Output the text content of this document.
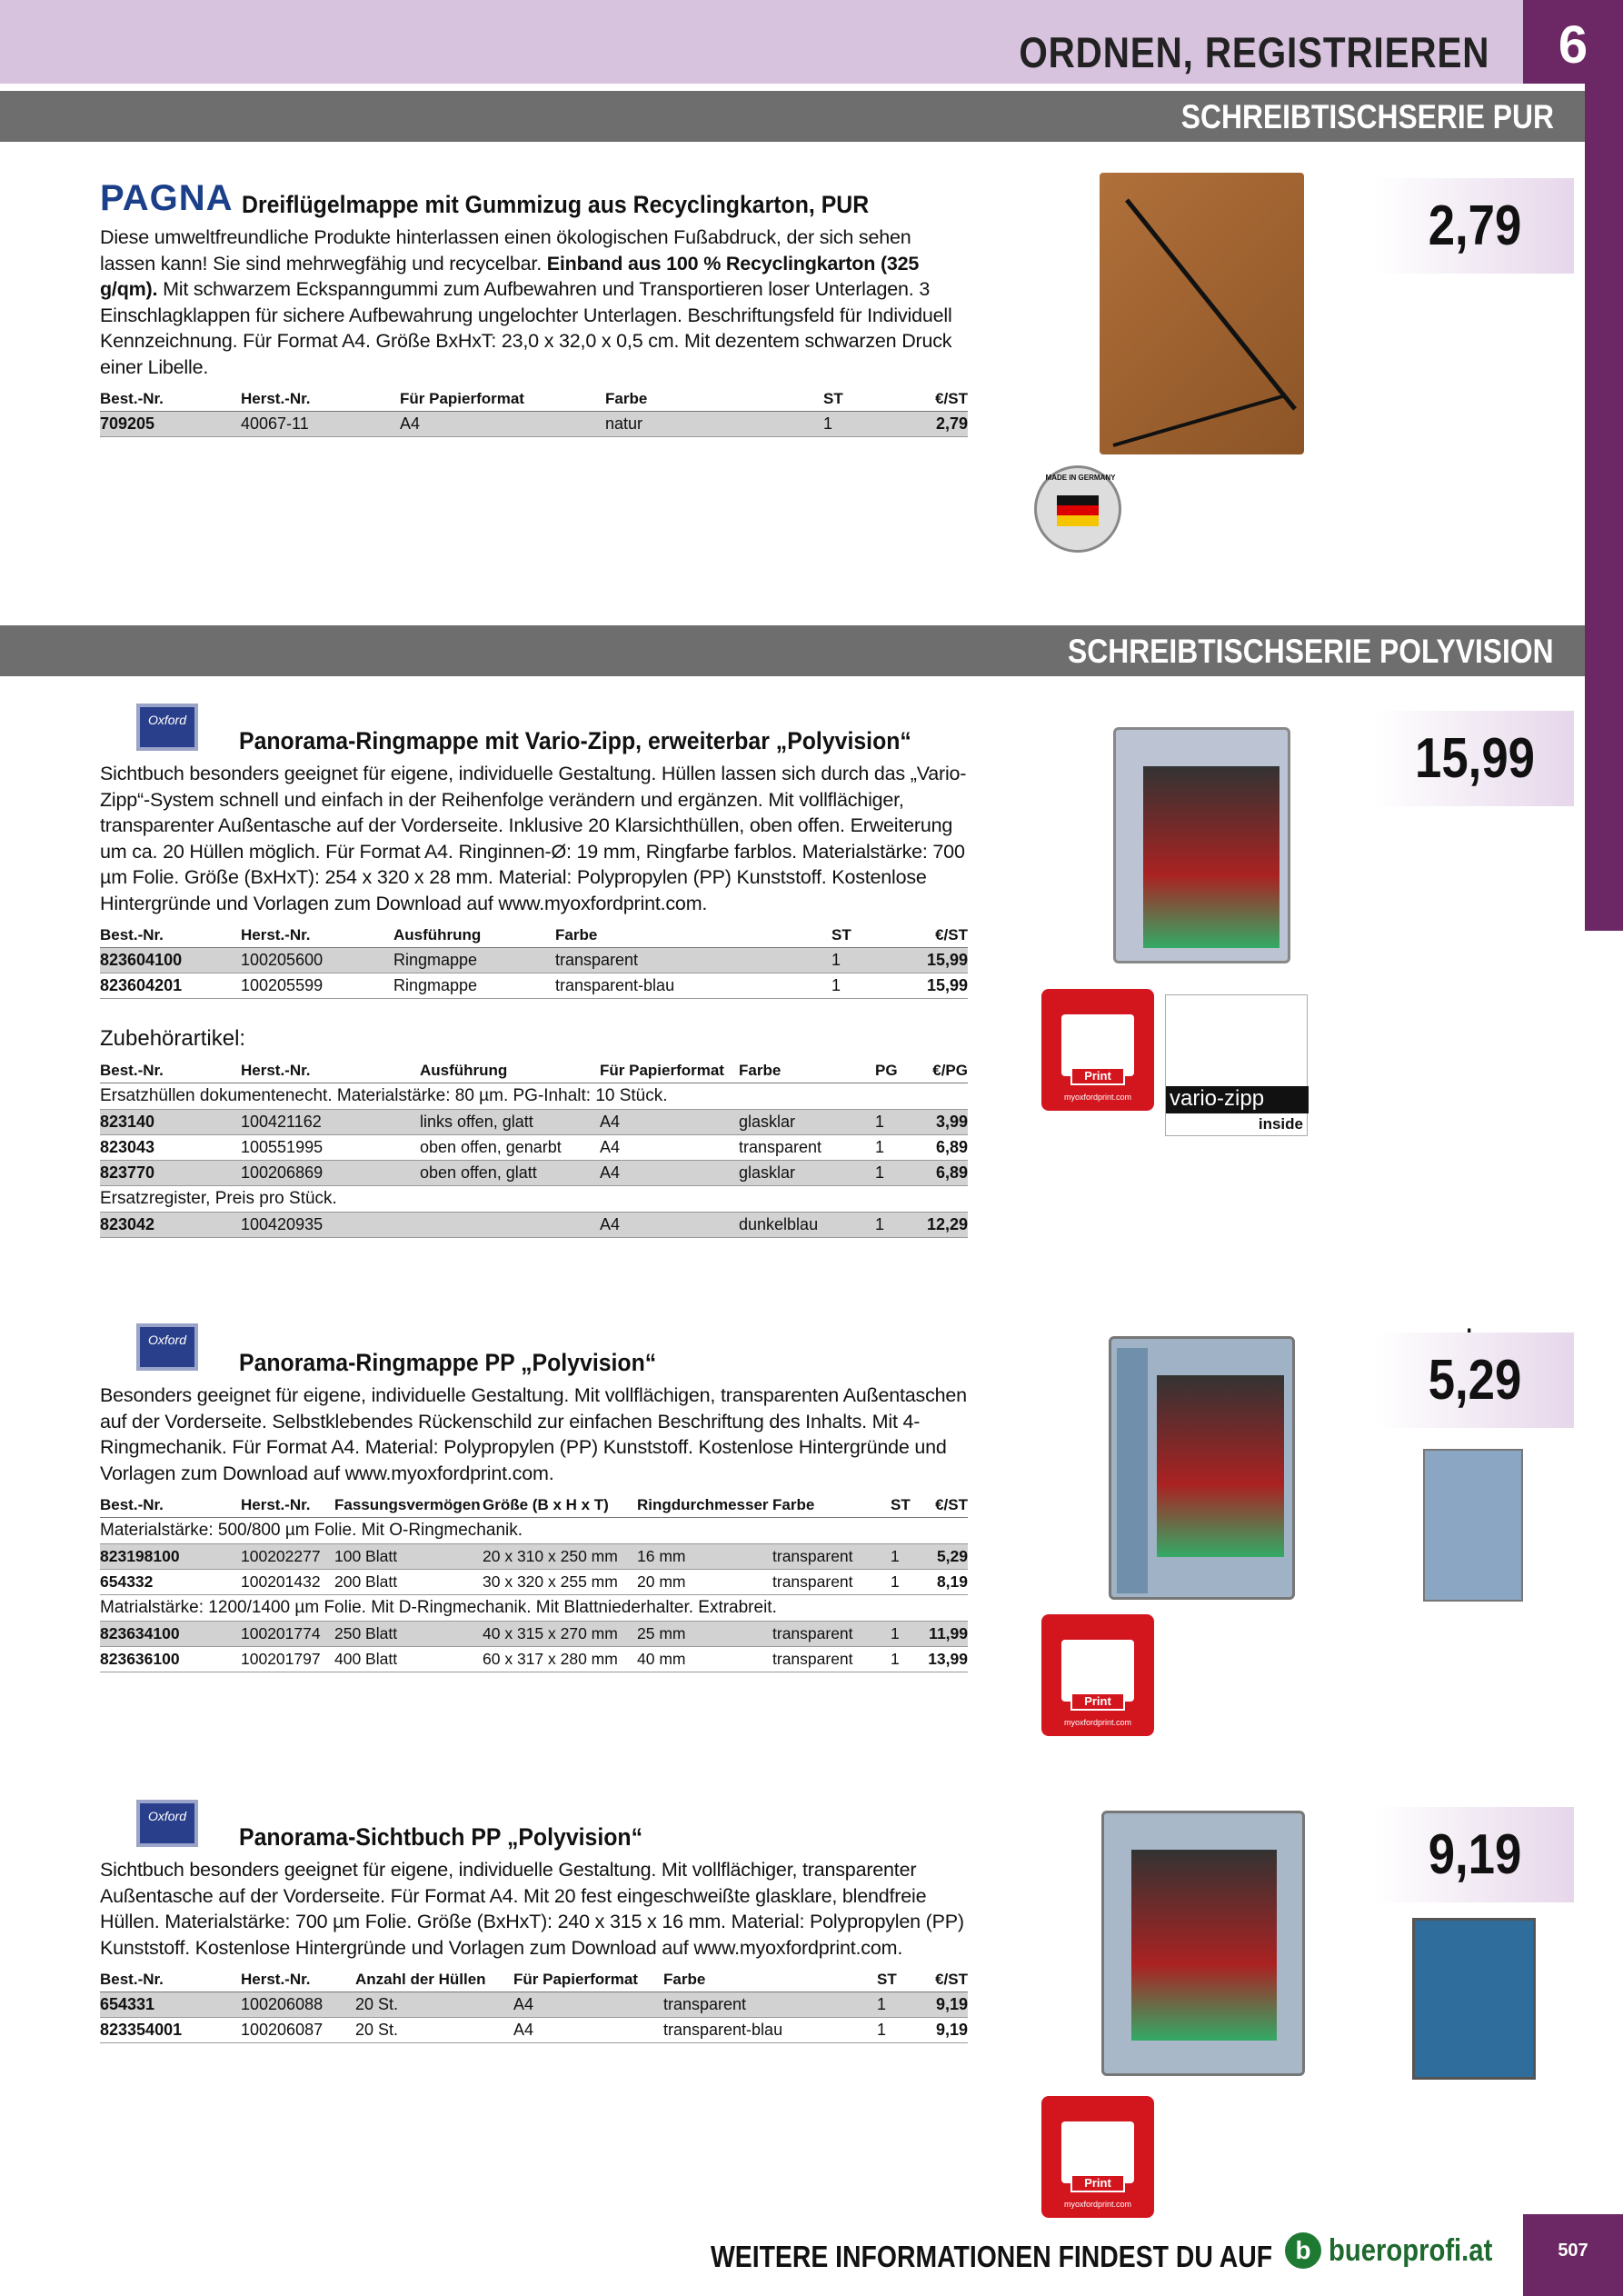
ORDNEN, REGISTRIEREN	6
SCHREIBTISCHSERIE PUR
SCHREIBTISCHSERIE POLYVISION
PAGNA Dreiflügelmappe mit Gummizug aus Recyclingkarton, PUR
Diese umweltfreundliche Produkte hinterlassen einen ökologischen Fußabdruck, der sich sehen lassen kann! Sie sind mehrwegfähig und recycelbar. Einband aus 100 % Recyclingkarton (325 g/qm). Mit schwarzem Eckspanngummi zum Aufbewahren und Transportieren loser Unterlagen. 3 Einschlagklappen für sichere Aufbewahrung ungelochter Unterlagen. Beschriftungsfeld für Individuell Kennzeichnung. Für Format A4. Größe BxHxT: 23,0 x 32,0 x 0,5 cm. Mit dezentem schwarzen Druck einer Libelle.
Best.-Nr.	Herst.-Nr.	Für Papierformat	Farbe	ST	€/ST
709205	40067-11	A4	natur	1	2,79
MADE IN GERMANY
2,79
Oxford
Panorama-Ringmappe mit Vario-Zipp, erweiterbar „Polyvision“
Sichtbuch besonders geeignet für eigene, individuelle Gestaltung. Hüllen lassen sich durch das „Vario-Zipp“-System schnell und einfach in der Reihenfolge verändern und ergänzen. Mit vollflächiger, transparenter Außentasche auf der Vorderseite. Inklusive 20 Klarsichthüllen, oben offen. Erweiterung um ca. 20 Hüllen möglich. Für Format A4. Ringinnen-Ø: 19 mm, Ringfarbe farblos. Materialstärke: 700 µm Folie. Größe (BxHxT): 254 x 320 x 28 mm. Material: Polypropylen (PP) Kunststoff. Kostenlose Hintergründe und Vorlagen zum Download auf www.myoxfordprint.com.
Best.-Nr.	Herst.-Nr.	Ausführung	Farbe	ST	€/ST
823604100	100205600	Ringmappe	transparent	1	15,99
823604201	100205599	Ringmappe	transparent-blau	1	15,99
Zubehörartikel:
Best.-Nr.	Herst.-Nr.	Ausführung	Für Papierformat	Farbe	PG	€/PG
Ersatzhüllen dokumentenecht. Materialstärke: 80 µm. PG-Inhalt: 10 Stück.						
823140	100421162	links offen, glatt	A4	glasklar	1	3,99
823043	100551995	oben offen, genarbt	A4	transparent	1	6,89
823770	100206869	oben offen, glatt	A4	glasklar	1	6,89
Ersatzregister, Preis pro Stück.						
823042	100420935		A4	dunkelblau	1	12,29
Print
myoxfordprint.com	vario-zipp
inside
15,99
Oxford
Panorama-Ringmappe PP „Polyvision“
Besonders geeignet für eigene, individuelle Gestaltung. Mit vollflächigen, transparenten Außentaschen auf der Vorderseite. Selbstklebendes Rückenschild zur einfachen Beschriftung des Inhalts. Mit 4-Ringmechanik. Für Format A4. Material: Polypropylen (PP) Kunststoff. Kostenlose Hintergründe und Vorlagen zum Download auf www.myoxfordprint.com.
Best.-Nr.	Herst.-Nr.	Fassungsvermögen	Größe (B x H x T)	Ringdurchmesser	Farbe	ST	€/ST
Materialstärke: 500/800 µm Folie. Mit O-Ringmechanik.							
823198100	100202277	100 Blatt	20 x 310 x 250 mm	16 mm	transparent	1	5,29
654332	100201432	200 Blatt	30 x 320 x 255 mm	20 mm	transparent	1	8,19
Matrialstärke: 1200/1400 µm Folie. Mit D-Ringmechanik. Mit Blattniederhalter. Extrabreit.							
823634100	100201774	250 Blatt	40 x 315 x 270 mm	25 mm	transparent	1	11,99
823636100	100201797	400 Blatt	60 x 317 x 280 mm	40 mm	transparent	1	13,99
Print
myoxfordprint.com
5,29
Oxford
Panorama-Sichtbuch PP „Polyvision“
Sichtbuch besonders geeignet für eigene, individuelle Gestaltung. Mit vollflächiger, transparenter Außentasche auf der Vorderseite. Für Format A4. Mit 20 fest eingeschweißte glasklare, blendfreie Hüllen. Materialstärke: 700 µm Folie. Größe (BxHxT): 240 x 315 x 16 mm. Material: Polypropylen (PP) Kunststoff. Kostenlose Hintergründe und Vorlagen zum Download auf www.myoxfordprint.com.
Best.-Nr.	Herst.-Nr.	Anzahl der Hüllen	Für Papierformat	Farbe	ST	€/ST
654331	100206088	20 St.	A4	transparent	1	9,19
823354001	100206087	20 St.	A4	transparent-blau	1	9,19
Print
myoxfordprint.com
9,19
WEITERE INFORMATIONEN FINDEST DU AUF b bueroprofi.at	507
